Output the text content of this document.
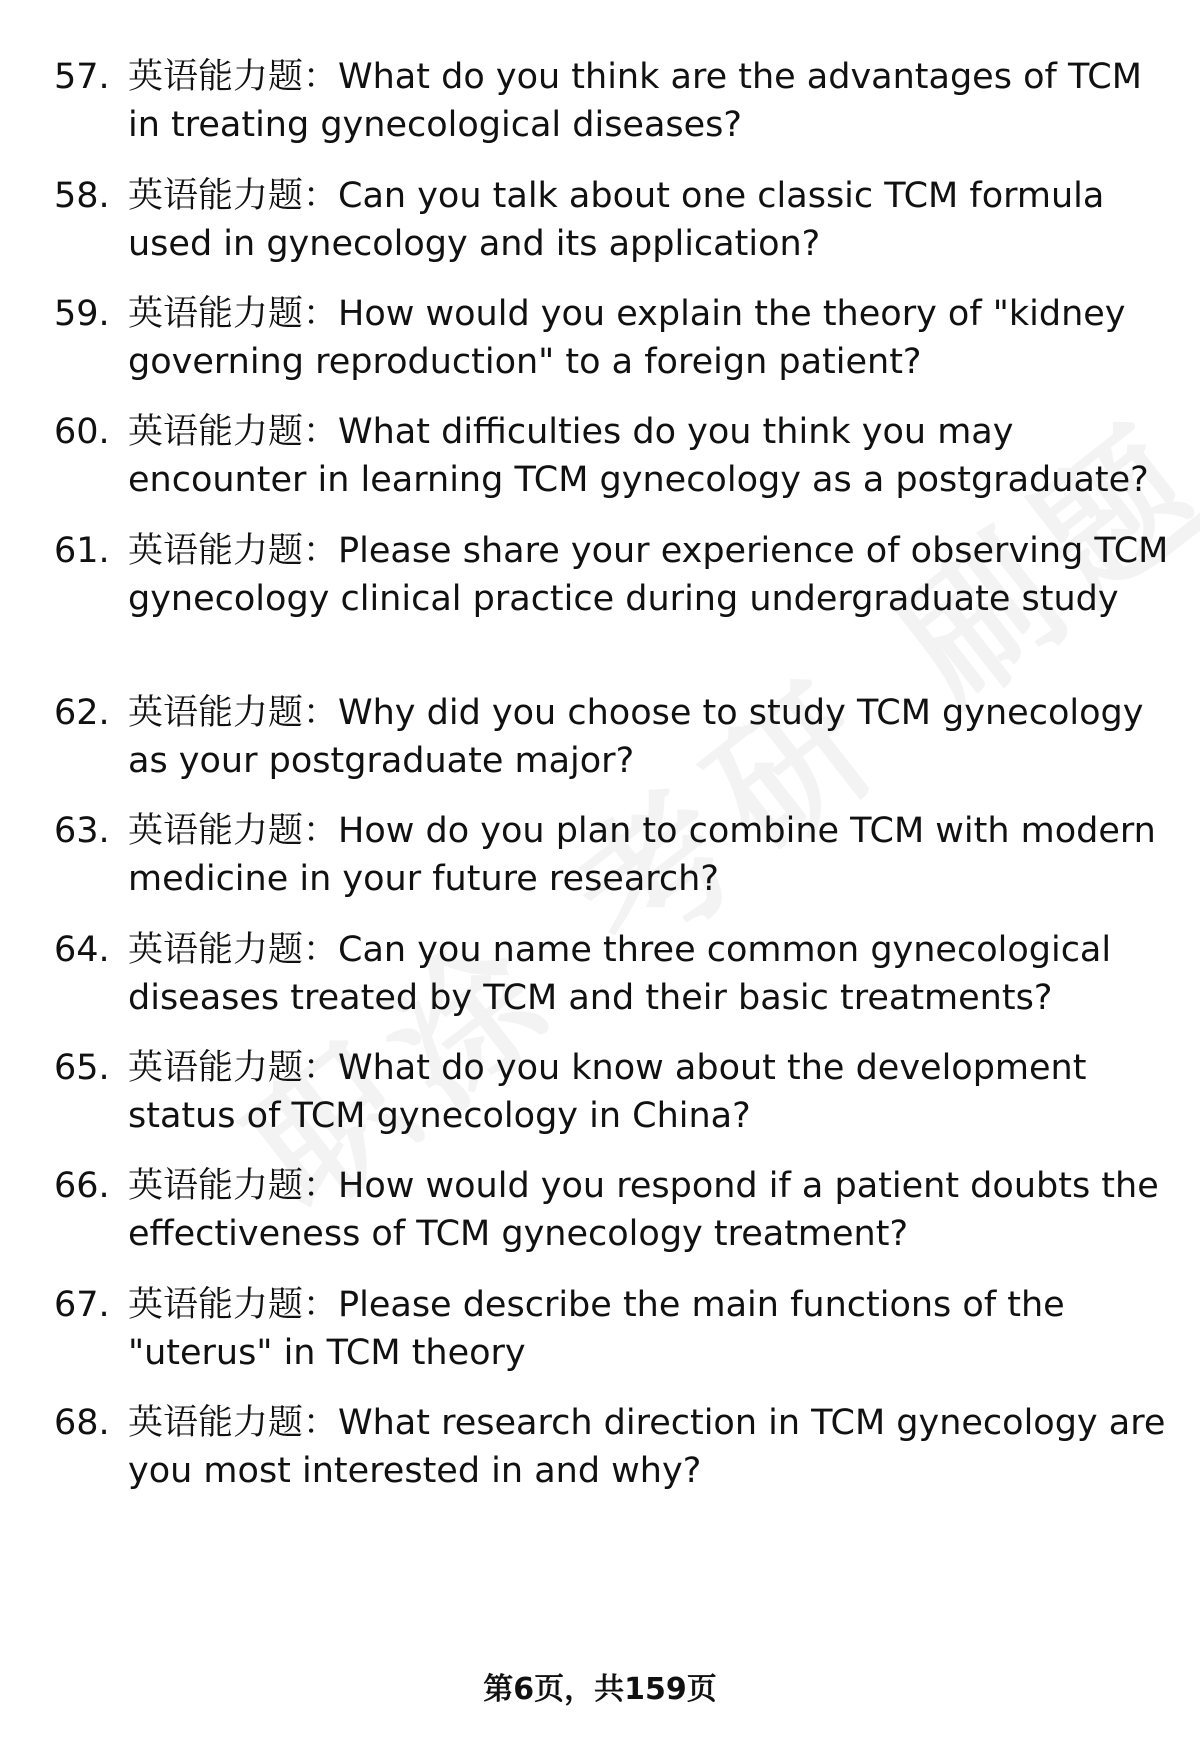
57. 英语能力题：What do you think are the advantages of TCM in treating gynecological diseases?
58. 英语能力题：Can you talk about one classic TCM formula used in gynecology and its application?
59. 英语能力题：How would you explain the theory of "kidney governing reproduction" to a foreign patient?
60. 英语能力题：What difficulties do you think you may encounter in learning TCM gynecology as a postgraduate?
61. 英语能力题：Please share your experience of observing TCM gynecology clinical practice during undergraduate study
62. 英语能力题：Why did you choose to study TCM gynecology as your postgraduate major?
63. 英语能力题：How do you plan to combine TCM with modern medicine in your future research?
64. 英语能力题：Can you name three common gynecological diseases treated by TCM and their basic treatments?
65. 英语能力题：What do you know about the development status of TCM gynecology in China?
66. 英语能力题：How would you respond if a patient doubts the effectiveness of TCM gynecology treatment?
67. 英语能力题：Please describe the main functions of the "uterus" in TCM theory
68. 英语能力题：What research direction in TCM gynecology are you most interested in and why?
第6页，共159页
